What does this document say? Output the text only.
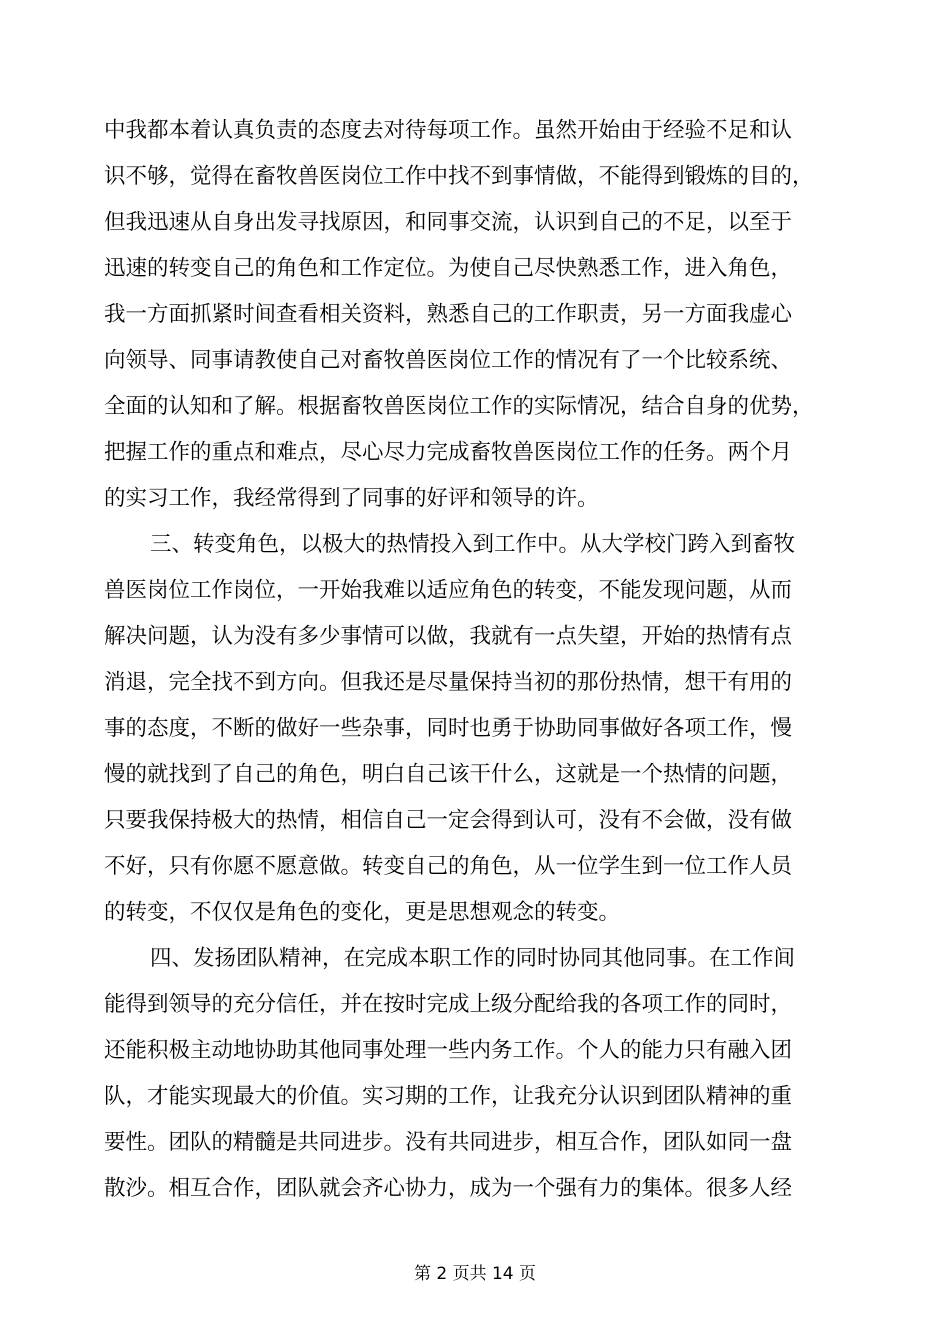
中我都本着认真负责的态度去对待每项工作。虽然开始由于经验不足和认
识不够，觉得在畜牧兽医岗位工作中找不到事情做，不能得到锻炼的目的，
但我迅速从自身出发寻找原因，和同事交流，认识到自己的不足，以至于
迅速的转变自己的角色和工作定位。为使自己尽快熟悉工作，进入角色，
我一方面抓紧时间查看相关资料，熟悉自己的工作职责，另一方面我虚心
向领导、同事请教使自己对畜牧兽医岗位工作的情况有了一个比较系统、
全面的认知和了解。根据畜牧兽医岗位工作的实际情况，结合自身的优势，
把握工作的重点和难点，尽心尽力完成畜牧兽医岗位工作的任务。两个月
的实习工作，我经常得到了同事的好评和领导的许。
三、转变角色，以极大的热情投入到工作中。从大学校门跨入到畜牧
兽医岗位工作岗位，一开始我难以适应角色的转变，不能发现问题，从而
解决问题，认为没有多少事情可以做，我就有一点失望，开始的热情有点
消退，完全找不到方向。但我还是尽量保持当初的那份热情，想干有用的
事的态度，不断的做好一些杂事，同时也勇于协助同事做好各项工作，慢
慢的就找到了自己的角色，明白自己该干什么，这就是一个热情的问题，
只要我保持极大的热情，相信自己一定会得到认可，没有不会做，没有做
不好，只有你愿不愿意做。转变自己的角色，从一位学生到一位工作人员
的转变，不仅仅是角色的变化，更是思想观念的转变。
四、发扬团队精神，在完成本职工作的同时协同其他同事。在工作间
能得到领导的充分信任，并在按时完成上级分配给我的各项工作的同时，
还能积极主动地协助其他同事处理一些内务工作。个人的能力只有融入团
队，才能实现最大的价值。实习期的工作，让我充分认识到团队精神的重
要性。团队的精髓是共同进步。没有共同进步，相互合作，团队如同一盘
散沙。相互合作，团队就会齐心协力，成为一个强有力的集体。很多人经
第 2 页共 14 页
